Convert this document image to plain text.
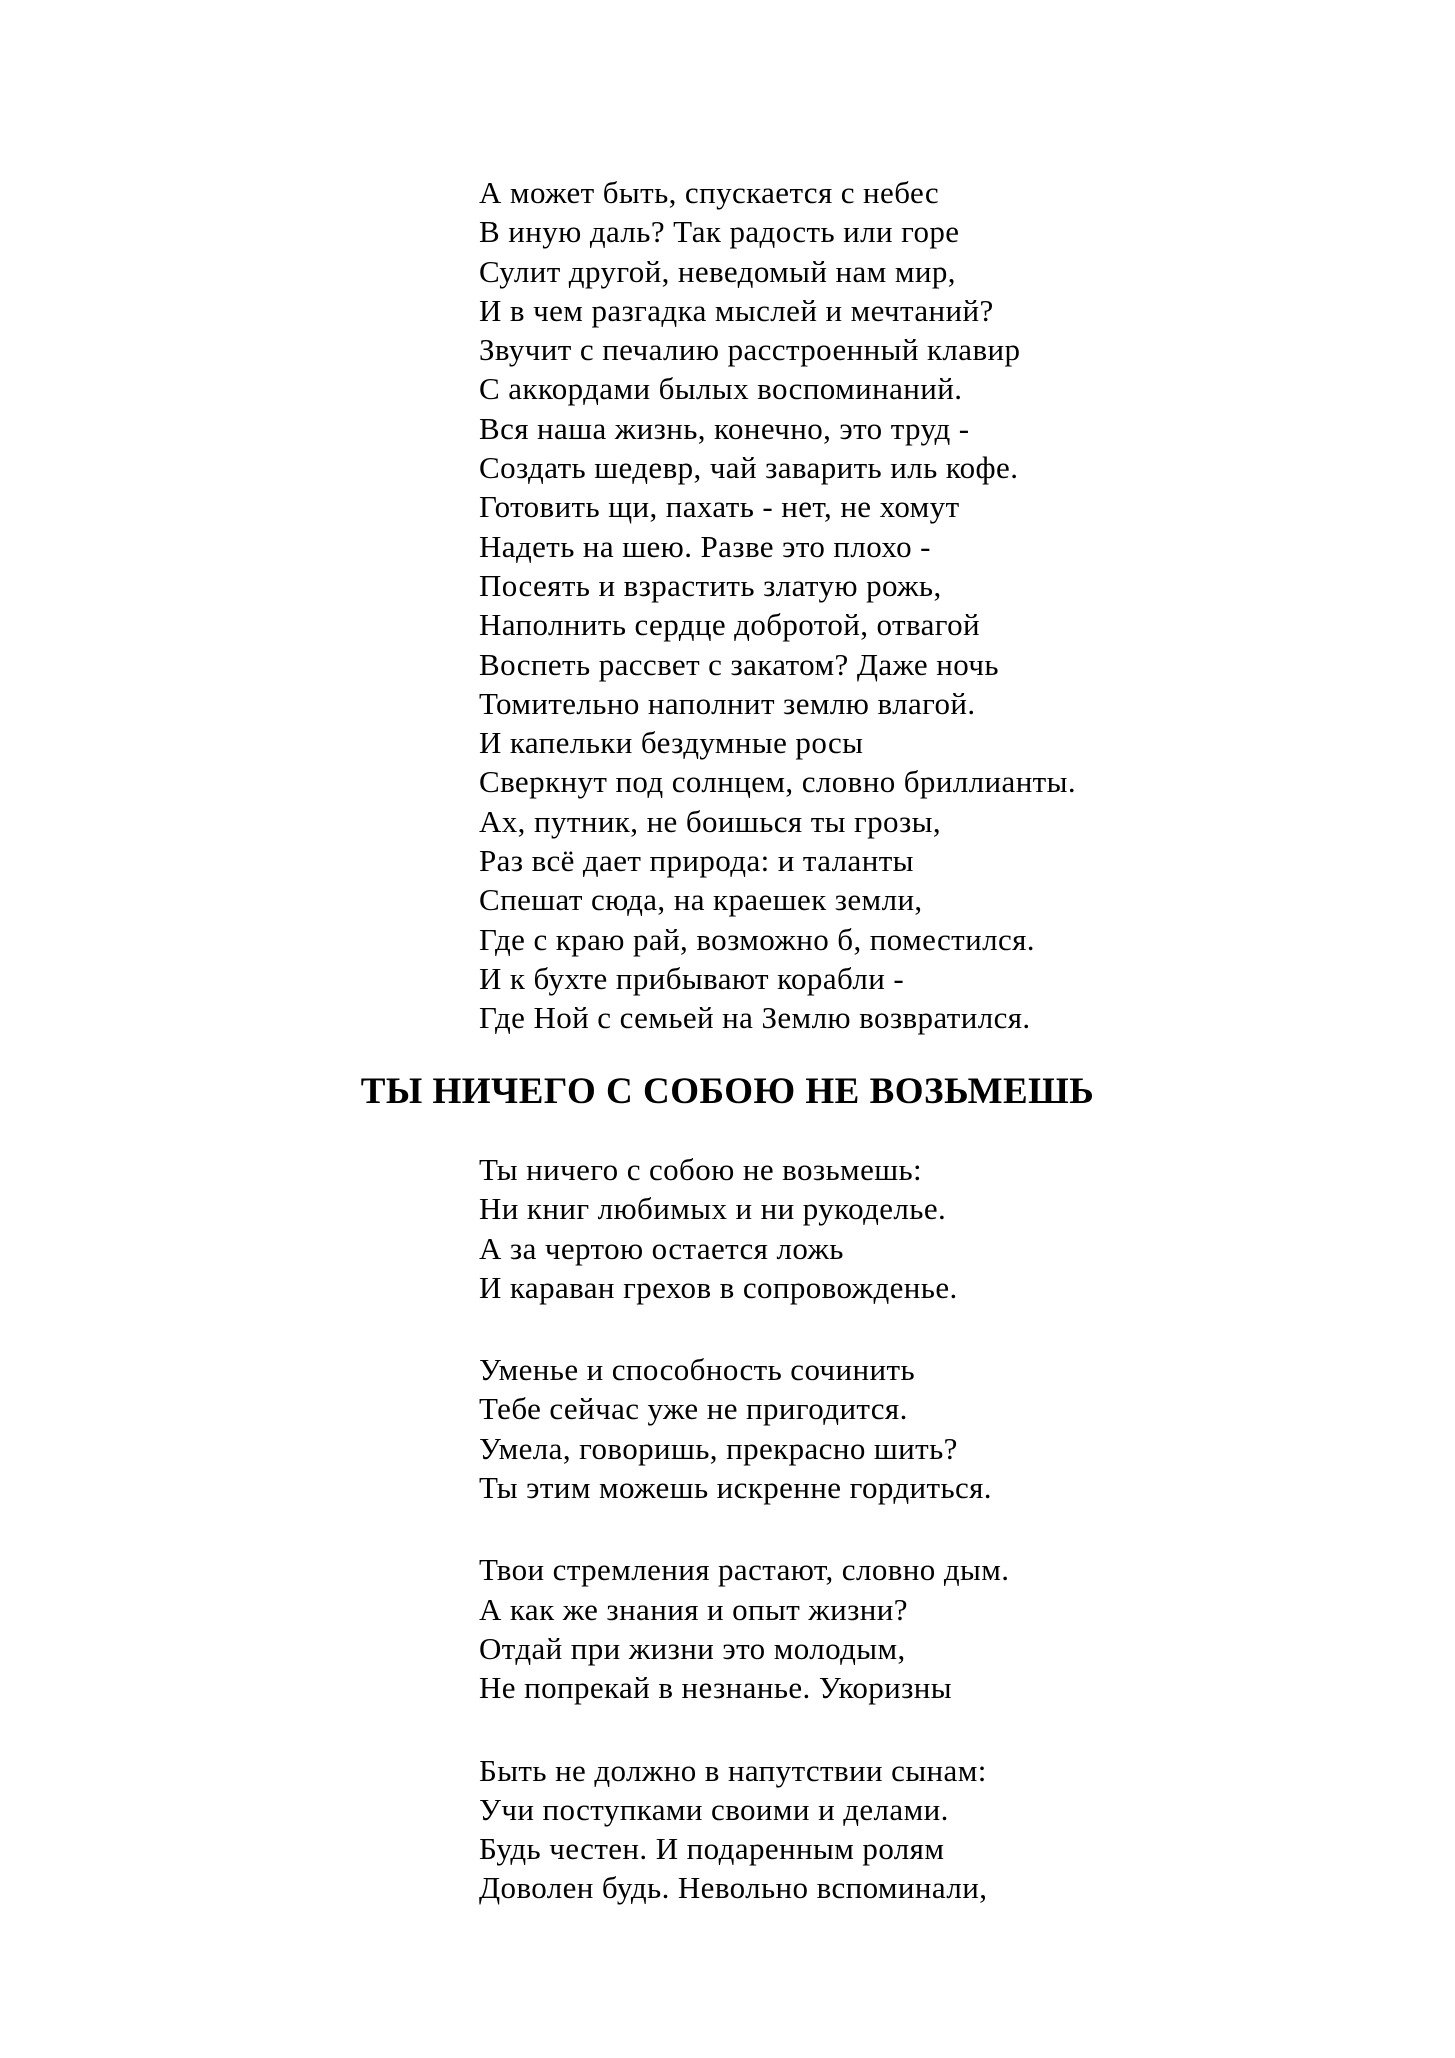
А может быть, спускается с небес
В иную даль? Так радость или горе
Сулит другой, неведомый нам мир,
И в чем разгадка мыслей и мечтаний?
Звучит с печалию расстроенный клавир
С аккордами былых воспоминаний.
Вся наша жизнь, конечно, это труд -
Создать шедевр, чай заварить иль кофе.
Готовить щи, пахать - нет, не хомут
Надеть на шею. Разве это плохо -
Посеять и взрастить златую рожь,
Наполнить сердце добротой, отвагой
Воспеть рассвет с закатом? Даже ночь
Томительно наполнит землю влагой.
И капельки бездумные росы
Сверкнут под солнцем, словно бриллианты.
Ах, путник, не боишься ты грозы,
Раз всё дает природа: и таланты
Спешат сюда, на краешек земли,
Где с краю рай, возможно б, поместился.
И к бухте прибывают корабли -
Где Ной с семьей на Землю возвратился.
ТЫ НИЧЕГО С СОБОЮ НЕ ВОЗЬМЕШЬ
Ты ничего с собою не возьмешь:
Ни книг любимых и ни рукоделье.
А за чертою остается ложь
И караван грехов в сопровожденье.
Уменье и способность сочинить
Тебе сейчас уже не пригодится.
Умела, говоришь, прекрасно шить?
Ты этим можешь искренне гордиться.
Твои стремления растают, словно дым.
А как же знания и опыт жизни?
Отдай при жизни это молодым,
Не попрекай в незнанье. Укоризны
Быть не должно в напутствии сынам:
Учи поступками своими и делами.
Будь честен. И подаренным ролям
Доволен будь. Невольно вспоминали,
